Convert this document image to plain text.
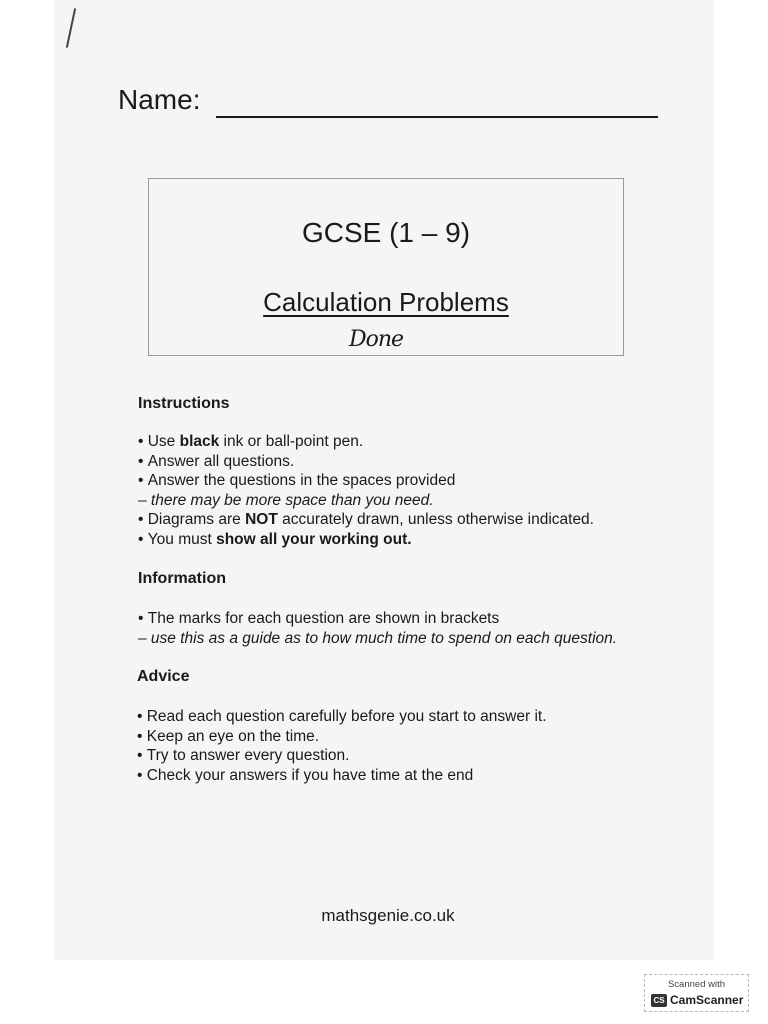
Name:
GCSE (1 – 9)
Calculation Problems
Done
Instructions
• Use black ink or ball-point pen.
• Answer all questions.
• Answer the questions in the spaces provided
– there may be more space than you need.
• Diagrams are NOT accurately drawn, unless otherwise indicated.
• You must show all your working out.
Information
• The marks for each question are shown in brackets
– use this as a guide as to how much time to spend on each question.
Advice
• Read each question carefully before you start to answer it.
• Keep an eye on the time.
• Try to answer every question.
• Check your answers if you have time at the end
mathsgenie.co.uk
Scanned with
CS CamScanner
